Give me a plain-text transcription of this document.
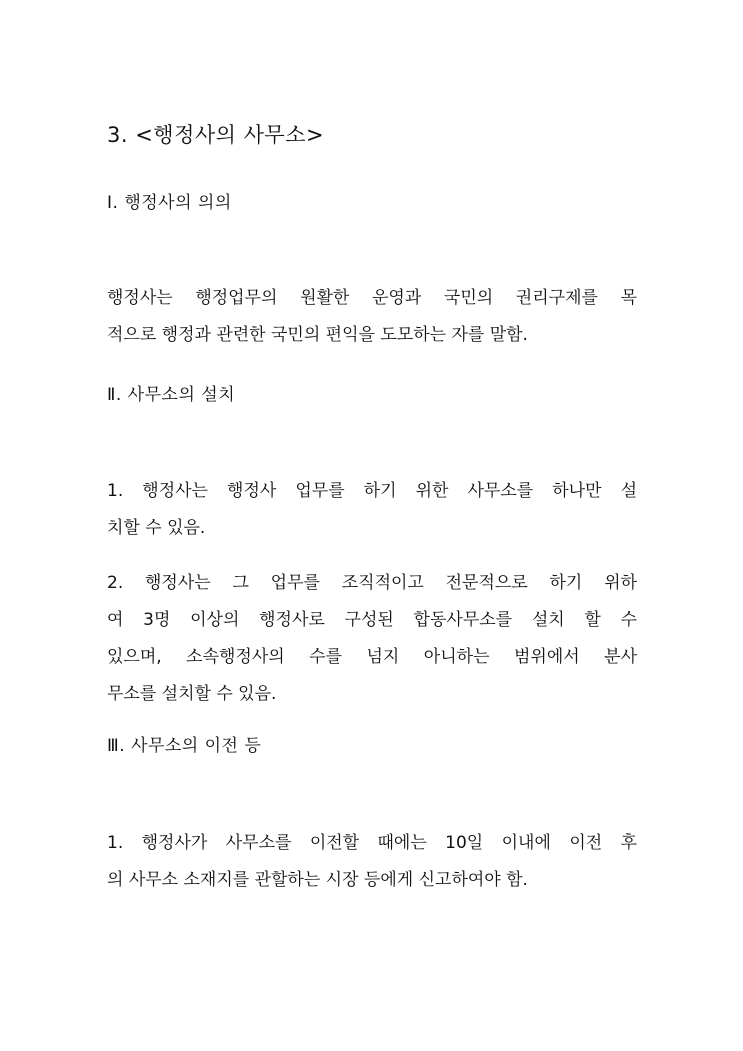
3. <행정사의 사무소>
Ⅰ. 행정사의 의의
행정사는 행정업무의 원활한 운영과 국민의 권리구제를 목
적으로 행정과 관련한 국민의 편익을 도모하는 자를 말함.
Ⅱ. 사무소의 설치
1. 행정사는 행정사 업무를 하기 위한 사무소를 하나만 설
치할 수 있음.
2. 행정사는 그 업무를 조직적이고 전문적으로 하기 위하
여 3명 이상의 행정사로 구성된 합동사무소를 설치 할 수
있으며, 소속행정사의 수를 넘지 아니하는 범위에서 분사
무소를 설치할 수 있음.
Ⅲ. 사무소의 이전 등
1. 행정사가 사무소를 이전할 때에는 10일 이내에 이전 후
의 사무소 소재지를 관할하는 시장 등에게 신고하여야 함.
